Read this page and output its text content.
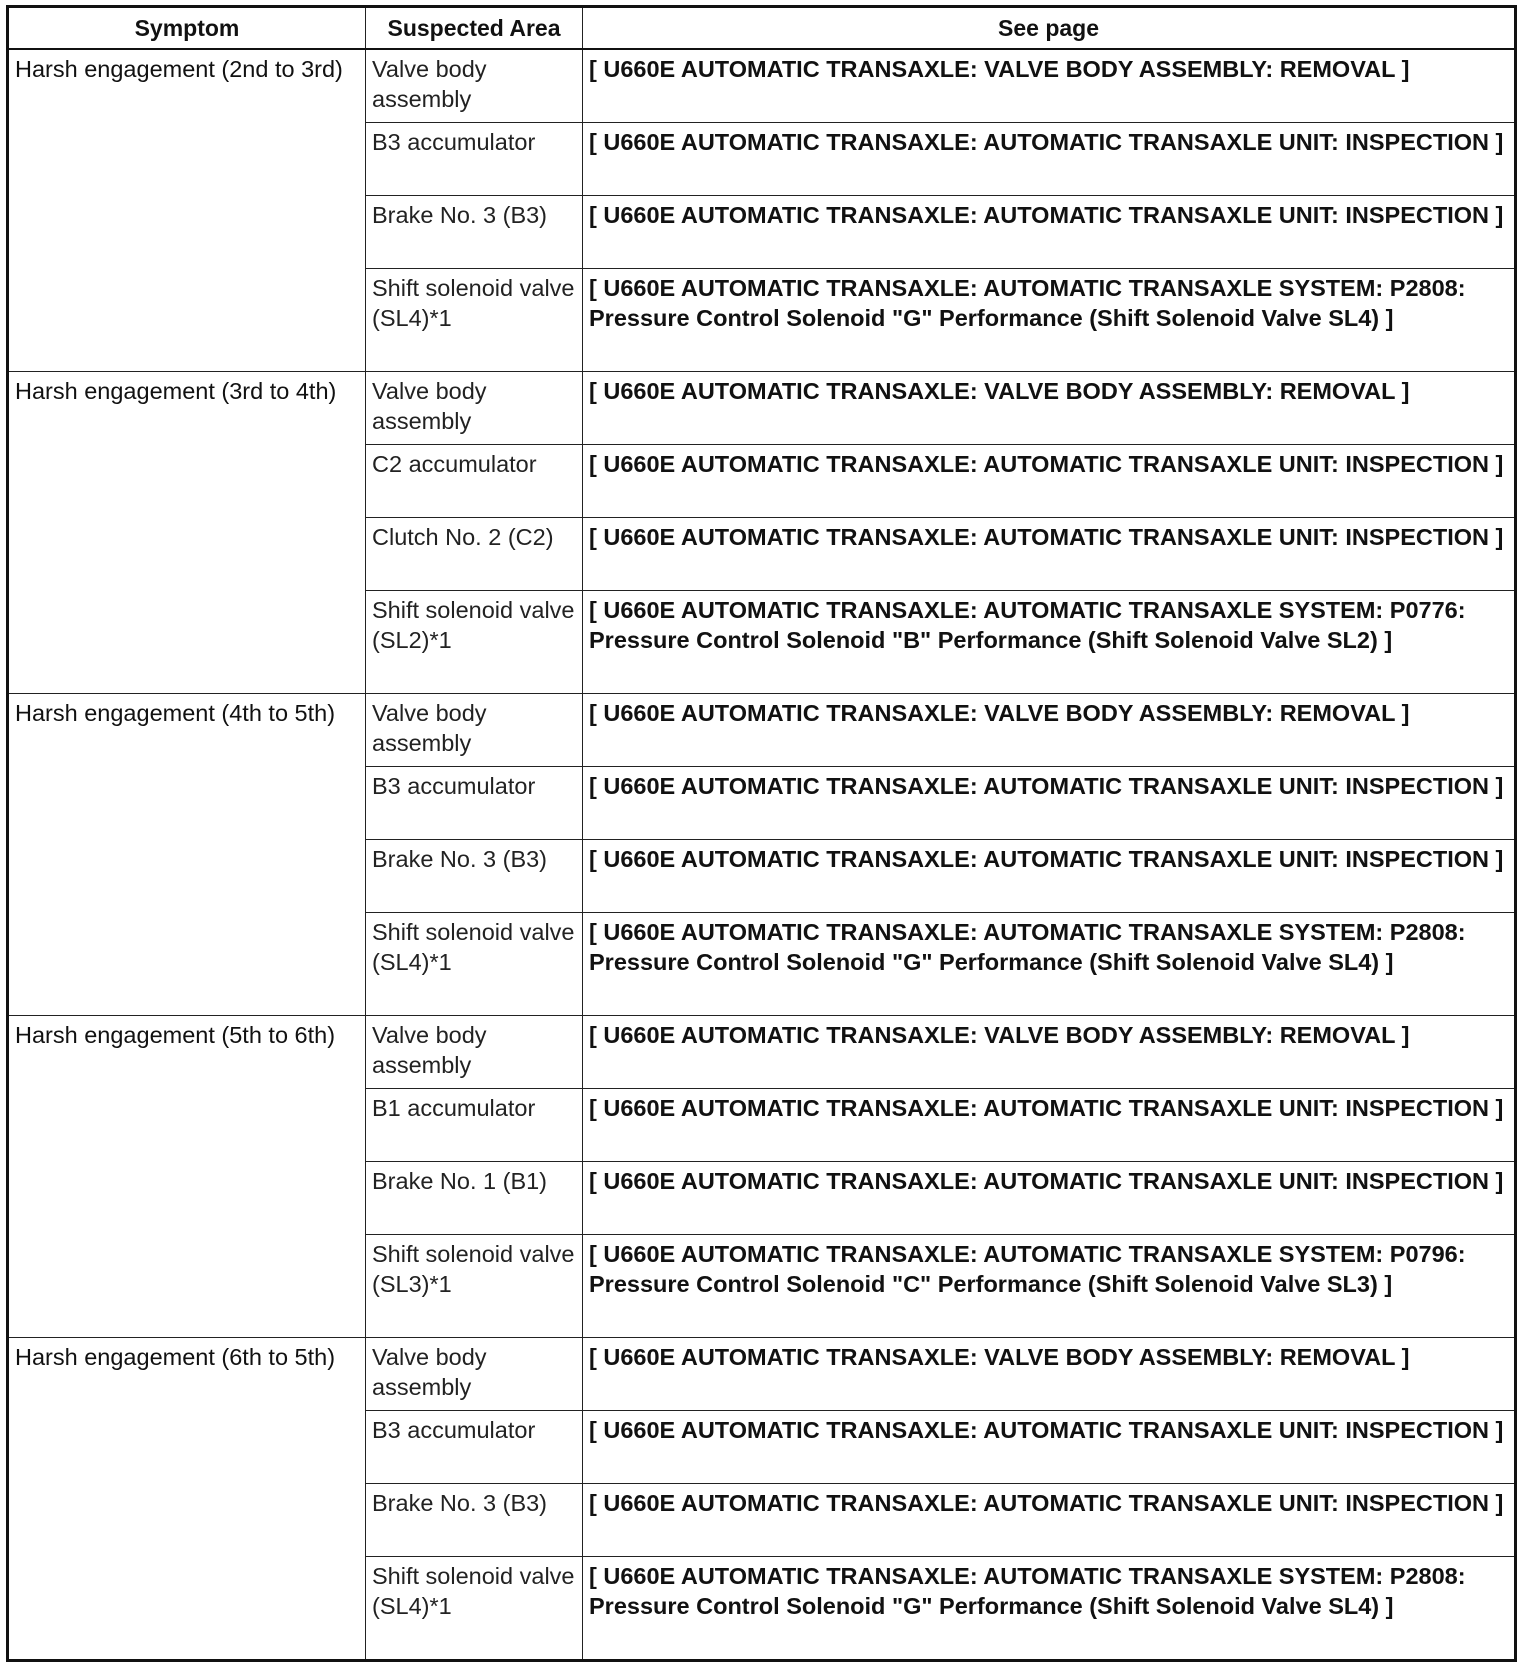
Symptom	Suspected Area	See page
Harsh engagement (2nd to 3rd)	Valve body assembly	[ U660E AUTOMATIC TRANSAXLE: VALVE BODY ASSEMBLY: REMOVAL ]
	B3 accumulator	[ U660E AUTOMATIC TRANSAXLE: AUTOMATIC TRANSAXLE UNIT: INSPECTION ]
	Brake No. 3 (B3)	[ U660E AUTOMATIC TRANSAXLE: AUTOMATIC TRANSAXLE UNIT: INSPECTION ]
	Shift solenoid valve (SL4)*1	[ U660E AUTOMATIC TRANSAXLE: AUTOMATIC TRANSAXLE SYSTEM: P2808: Pressure Control Solenoid "G" Performance (Shift Solenoid Valve SL4) ]
Harsh engagement (3rd to 4th)	Valve body assembly	[ U660E AUTOMATIC TRANSAXLE: VALVE BODY ASSEMBLY: REMOVAL ]
	C2 accumulator	[ U660E AUTOMATIC TRANSAXLE: AUTOMATIC TRANSAXLE UNIT: INSPECTION ]
	Clutch No. 2 (C2)	[ U660E AUTOMATIC TRANSAXLE: AUTOMATIC TRANSAXLE UNIT: INSPECTION ]
	Shift solenoid valve (SL2)*1	[ U660E AUTOMATIC TRANSAXLE: AUTOMATIC TRANSAXLE SYSTEM: P0776: Pressure Control Solenoid "B" Performance (Shift Solenoid Valve SL2) ]
Harsh engagement (4th to 5th)	Valve body assembly	[ U660E AUTOMATIC TRANSAXLE: VALVE BODY ASSEMBLY: REMOVAL ]
	B3 accumulator	[ U660E AUTOMATIC TRANSAXLE: AUTOMATIC TRANSAXLE UNIT: INSPECTION ]
	Brake No. 3 (B3)	[ U660E AUTOMATIC TRANSAXLE: AUTOMATIC TRANSAXLE UNIT: INSPECTION ]
	Shift solenoid valve (SL4)*1	[ U660E AUTOMATIC TRANSAXLE: AUTOMATIC TRANSAXLE SYSTEM: P2808: Pressure Control Solenoid "G" Performance (Shift Solenoid Valve SL4) ]
Harsh engagement (5th to 6th)	Valve body assembly	[ U660E AUTOMATIC TRANSAXLE: VALVE BODY ASSEMBLY: REMOVAL ]
	B1 accumulator	[ U660E AUTOMATIC TRANSAXLE: AUTOMATIC TRANSAXLE UNIT: INSPECTION ]
	Brake No. 1 (B1)	[ U660E AUTOMATIC TRANSAXLE: AUTOMATIC TRANSAXLE UNIT: INSPECTION ]
	Shift solenoid valve (SL3)*1	[ U660E AUTOMATIC TRANSAXLE: AUTOMATIC TRANSAXLE SYSTEM: P0796: Pressure Control Solenoid "C" Performance (Shift Solenoid Valve SL3) ]
Harsh engagement (6th to 5th)	Valve body assembly	[ U660E AUTOMATIC TRANSAXLE: VALVE BODY ASSEMBLY: REMOVAL ]
	B3 accumulator	[ U660E AUTOMATIC TRANSAXLE: AUTOMATIC TRANSAXLE UNIT: INSPECTION ]
	Brake No. 3 (B3)	[ U660E AUTOMATIC TRANSAXLE: AUTOMATIC TRANSAXLE UNIT: INSPECTION ]
	Shift solenoid valve (SL4)*1	[ U660E AUTOMATIC TRANSAXLE: AUTOMATIC TRANSAXLE SYSTEM: P2808: Pressure Control Solenoid "G" Performance (Shift Solenoid Valve SL4) ]
